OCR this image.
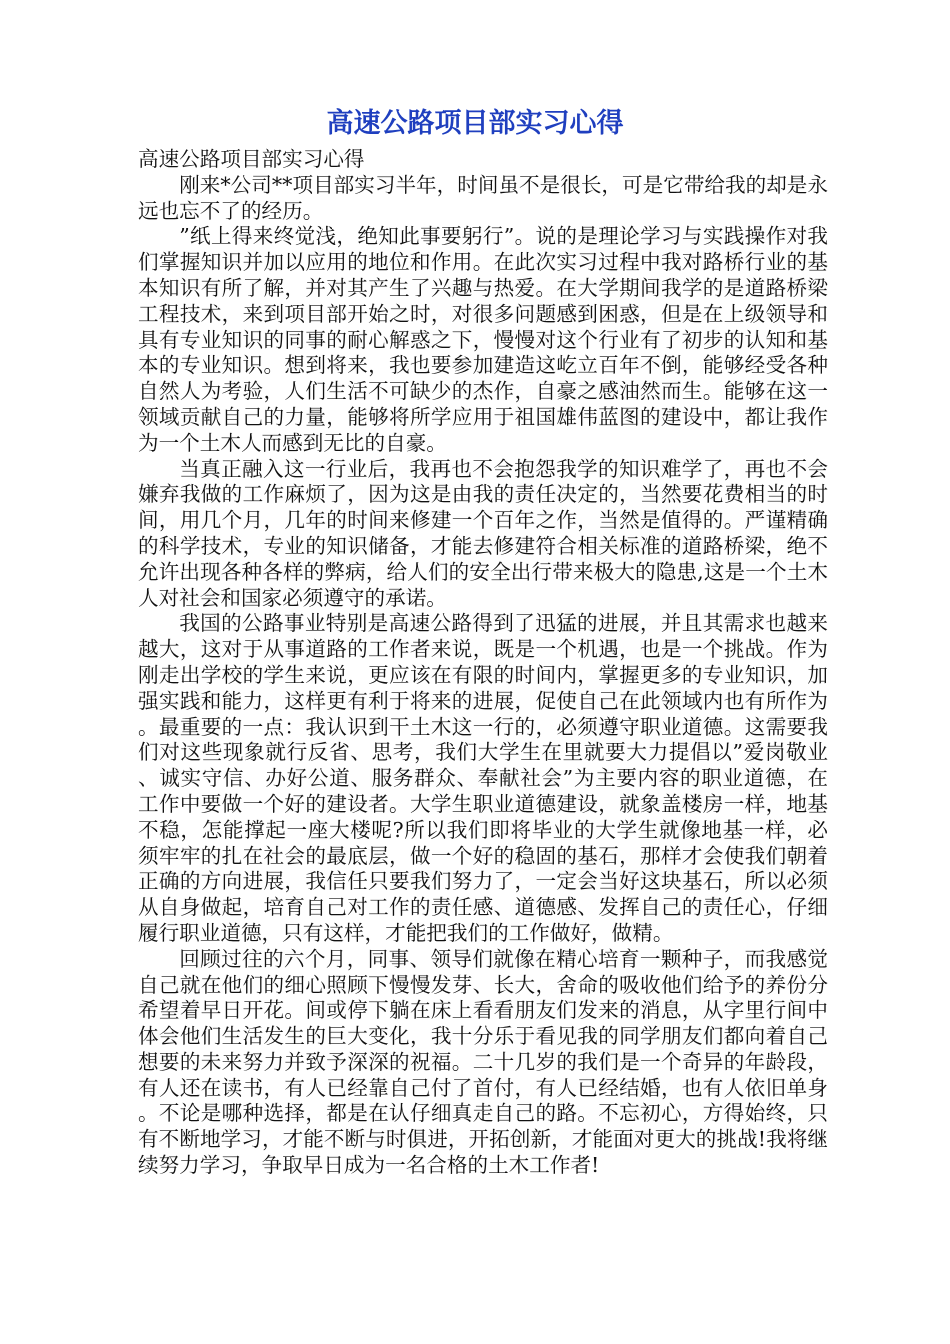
高速公路项目部实习心得

高速公路项目部实习心得

刚来*公司**项目部实习半年，时间虽不是很长，可是它带给我的却是永远也忘不了的经历。

”纸上得来终觉浅，绝知此事要躬行”。说的是理论学习与实践操作对我们掌握知识并加以应用的地位和作用。在此次实习过程中我对路桥行业的基本知识有所了解，并对其产生了兴趣与热爱。在大学期间我学的是道路桥梁工程技术，来到项目部开始之时，对很多问题感到困惑，但是在上级领导和具有专业知识的同事的耐心解惑之下，慢慢对这个行业有了初步的认知和基本的专业知识。想到将来，我也要参加建造这屹立百年不倒，能够经受各种自然人为考验，人们生活不可缺少的杰作，自豪之感油然而生。能够在这一领域贡献自己的力量，能够将所学应用于祖国雄伟蓝图的建设中，都让我作为一个土木人而感到无比的自豪。

当真正融入这一行业后，我再也不会抱怨我学的知识难学了，再也不会嫌弃我做的工作麻烦了，因为这是由我的责任决定的，当然要花费相当的时间，用几个月，几年的时间来修建一个百年之作，当然是值得的。严谨精确的科学技术，专业的知识储备，才能去修建符合相关标准的道路桥梁，绝不允许出现各种各样的弊病，给人们的安全出行带来极大的隐患,这是一个土木人对社会和国家必须遵守的承诺。

我国的公路事业特别是高速公路得到了迅猛的进展，并且其需求也越来越大，这对于从事道路的工作者来说，既是一个机遇，也是一个挑战。作为刚走出学校的学生来说，更应该在有限的时间内，掌握更多的专业知识，加强实践和能力，这样更有利于将来的进展，促使自己在此领域内也有所作为。最重要的一点：我认识到干土木这一行的，必须遵守职业道德。这需要我们对这些现象就行反省、思考，我们大学生在里就要大力提倡以”爱岗敬业、诚实守信、办好公道、服务群众、奉献社会”为主要内容的职业道德，在工作中要做一个好的建设者。大学生职业道德建设，就象盖楼房一样，地基不稳，怎能撑起一座大楼呢?所以我们即将毕业的大学生就像地基一样，必须牢牢的扎在社会的最底层，做一个好的稳固的基石，那样才会使我们朝着正确的方向进展，我信任只要我们努力了，一定会当好这块基石，所以必须从自身做起，培育自己对工作的责任感、道德感、发挥自己的责任心，仔细履行职业道德，只有这样，才能把我们的工作做好，做精。

回顾过往的六个月，同事、领导们就像在精心培育一颗种子，而我感觉自己就在他们的细心照顾下慢慢发芽、长大，舍命的吸收他们给予的养份分希望着早日开花。间或停下躺在床上看看朋友们发来的消息，从字里行间中体会他们生活发生的巨大变化，我十分乐于看见我的同学朋友们都向着自己想要的未来努力并致予深深的祝福。二十几岁的我们是一个奇异的年龄段，有人还在读书，有人已经靠自己付了首付，有人已经结婚，也有人依旧单身。不论是哪种选择，都是在认仔细真走自己的路。不忘初心，方得始终，只有不断地学习，才能不断与时俱进，开拓创新，才能面对更大的挑战!我将继续努力学习，争取早日成为一名合格的土木工作者!
